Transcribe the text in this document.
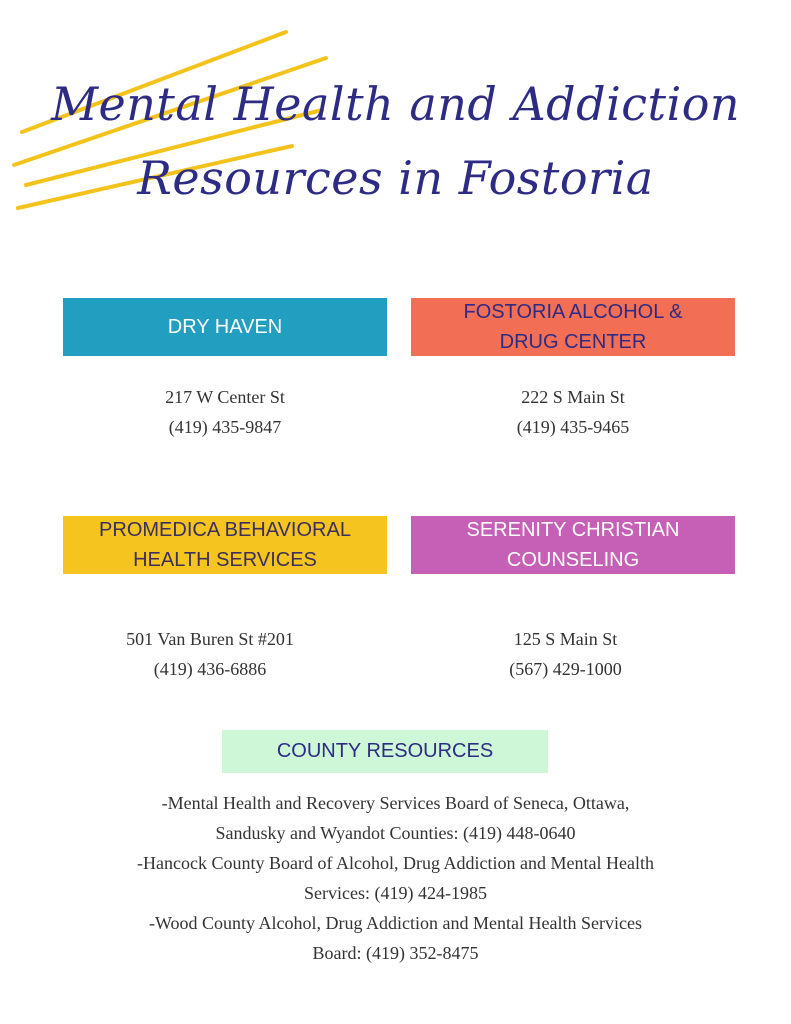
Mental Health and Addiction
Resources in Fostoria
DRY HAVEN
217 W Center St
(419) 435-9847
FOSTORIA ALCOHOL &
DRUG CENTER
222 S Main St
(419) 435-9465
PROMEDICA BEHAVIORAL
HEALTH SERVICES
501 Van Buren St #201
(419) 436-6886
SERENITY CHRISTIAN
COUNSELING
125 S Main St
(567) 429-1000
COUNTY RESOURCES
-Mental Health and Recovery Services Board of Seneca, Ottawa,
Sandusky and Wyandot Counties: (419) 448-0640
-Hancock County Board of Alcohol, Drug Addiction and Mental Health
Services: (419) 424-1985
-Wood County Alcohol, Drug Addiction and Mental Health Services
Board: (419) 352-8475
